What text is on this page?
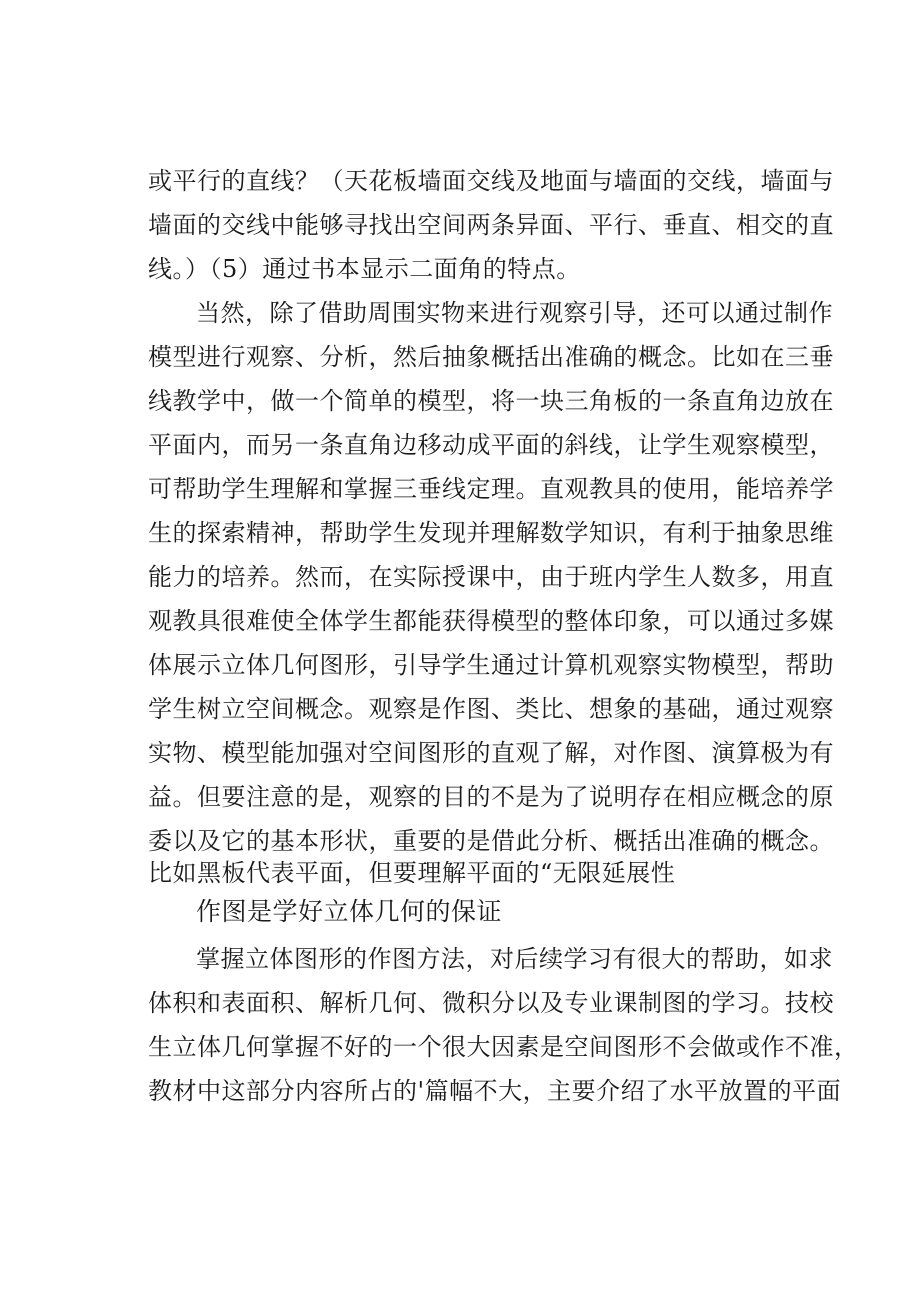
或平行的直线？（天花板墙面交线及地面与墙面的交线，墙面与
墙面的交线中能够寻找出空间两条异面、平行、垂直、相交的直
线。）（5）通过书本显示二面角的特点。
当然，除了借助周围实物来进行观察引导，还可以通过制作
模型进行观察、分析，然后抽象概括出准确的概念。比如在三垂
线教学中，做一个简单的模型，将一块三角板的一条直角边放在
平面内，而另一条直角边移动成平面的斜线，让学生观察模型，
可帮助学生理解和掌握三垂线定理。直观教具的使用，能培养学
生的探索精神，帮助学生发现并理解数学知识，有利于抽象思维
能力的培养。然而，在实际授课中，由于班内学生人数多，用直
观教具很难使全体学生都能获得模型的整体印象，可以通过多媒
体展示立体几何图形，引导学生通过计算机观察实物模型，帮助
学生树立空间概念。观察是作图、类比、想象的基础，通过观察
实物、模型能加强对空间图形的直观了解，对作图、演算极为有
益。但要注意的是，观察的目的不是为了说明存在相应概念的原
委以及它的基本形状，重要的是借此分析、概括出准确的概念。
比如黑板代表平面，但要理解平面的“无限延展性
作图是学好立体几何的保证
掌握立体图形的作图方法，对后续学习有很大的帮助，如求
体积和表面积、解析几何、微积分以及专业课制图的学习。技校
生立体几何掌握不好的一个很大因素是空间图形不会做或作不准，
教材中这部分内容所占的'篇幅不大，主要介绍了水平放置的平面
